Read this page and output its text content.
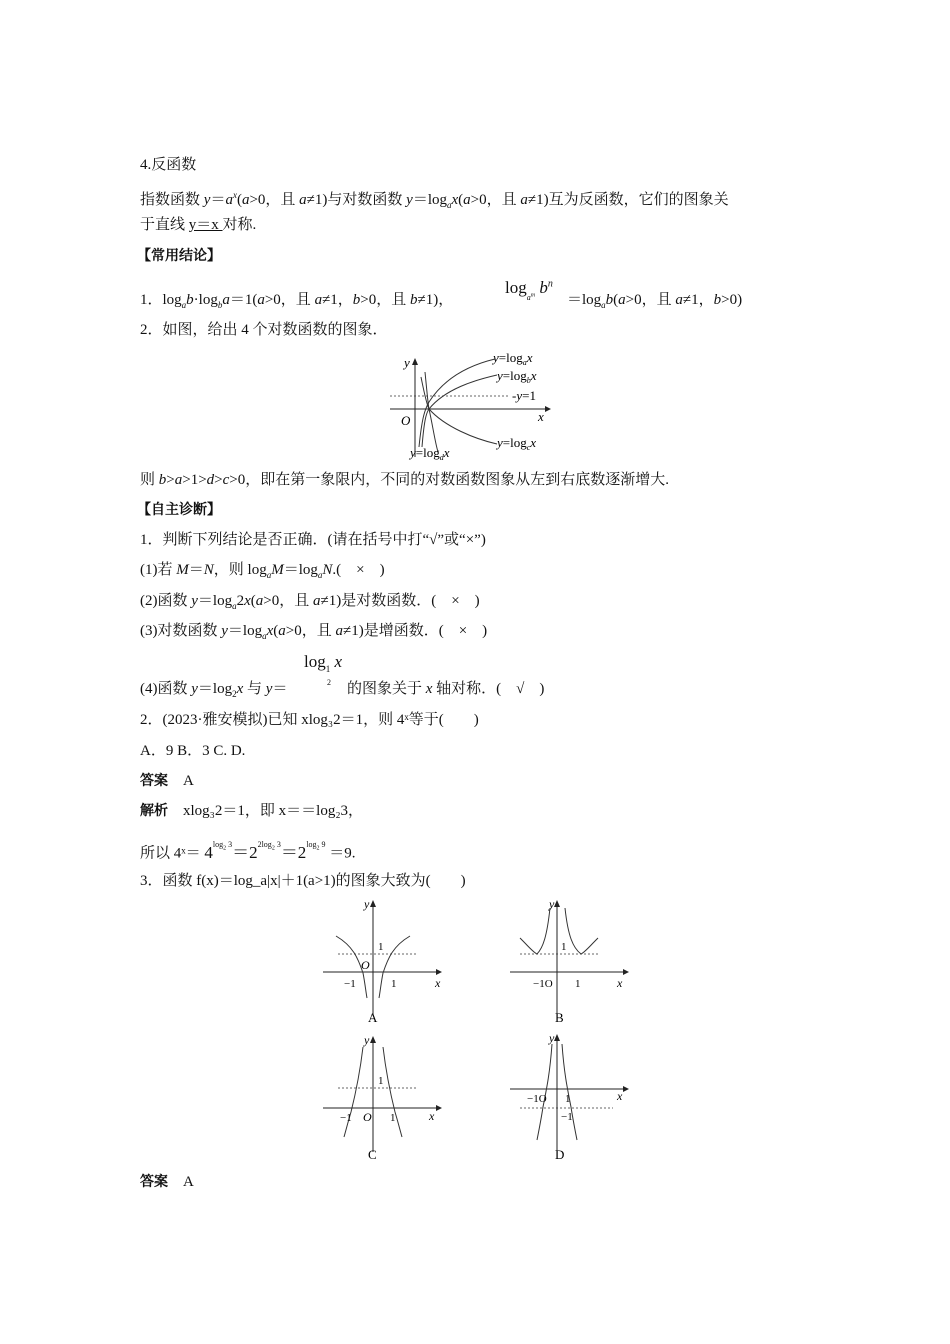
4.反函数
指数函数 $y=a^x(a>0$，且 a≠1)与对数函数 $y=\log_ax(a>0$，且 a≠1)互为反函数，它们的图象关
于直线 y＝x 对称.
【常用结论】
1．$\log_ab\cdot\log_ba=1(a>0$，且 a≠1，b>0，且 b≠1)，
$\log_{a^m} b^n$
$=\log_ab(a>0$，且 a≠1，b>0)
2．如图，给出 4 个对数函数的图象．
$y=\log_ax$
$y=\log_bx$
-y=1
$y=\log_cx$
$y=\log_dx$
O	x
y
则 b>a>1>d>c>0，即在第一象限内，不同的对数函数图象从左到右底数逐渐增大.
【自主诊断】
1．判断下列结论是否正确．(请在括号中打“√”或“×”)
(1)若 M＝N，则 $\log_aM=\log_aN$.(　×　)
(2)函数 $y=\log_a2x(a>0$，且 a≠1)是对数函数．(　×　)
(3)对数函数 $y=\log_ax(a>0$，且 a≠1)是增函数．(　×　)
$\log_1 x$
2
(4)函数 $y=\log_2x$ 与 y＝	的图象关于 x 轴对称．(　√　)
2．(2023·雅安模拟)已知 xlog₃2＝1，则 4ˣ等于(　　)
A．9 B．3 C. D.
答案　 A
解析　 xlog₃2＝1，即 x＝＝log₂3，
所以 4ˣ＝ $4^{log_2 3}=2^{2log_2 3}=2^{log_2 9} =9$.
3．函数 f(x)＝log_a|x|＋1(a>1)的图象大致为(　　)
y
x
1
O
−1	1
A
y
x
1
−1O 1
B
y
x
1
−1 O 1
C
y
x
−1O 1
−1
D
答案　 A
